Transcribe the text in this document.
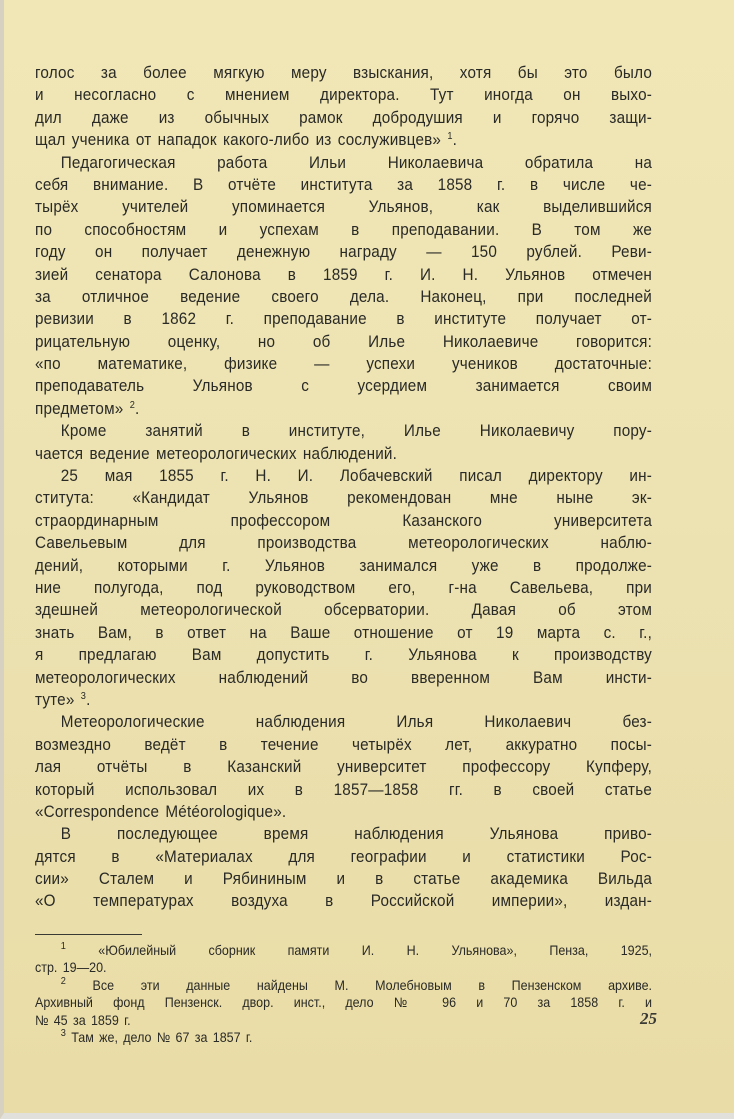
голос за более мягкую меру взыскания, хотя бы это было
и несогласно с мнением директора. Тут иногда он выхо-
дил даже из обычных рамок добродушия и горячо защи-
щал ученика от нападок какого-либо из сослуживцев» $^1$.
Педагогическая работа Ильи Николаевича обратила на
себя внимание. В отчёте института за 1858 г. в числе че-
тырёх учителей упоминается Ульянов, как выделившийся
по способностям и успехам в преподавании. В том же
году он получает денежную награду — 150 рублей. Реви-
зией сенатора Салонова в 1859 г. И. Н. Ульянов отмечен
за отличное ведение своего дела. Наконец, при последней
ревизии в 1862 г. преподавание в институте получает от-
рицательную оценку, но об Илье Николаевиче говорится:
«по математике, физике — успехи учеников достаточные:
преподаватель Ульянов с усердием занимается своим
предметом» $^2$.
Кроме занятий в институте, Илье Николаевичу пору-
чается ведение метеорологических наблюдений.
25 мая 1855 г. Н. И. Лобачевский писал директору ин-
ститута: «Кандидат Ульянов рекомендован мне ныне эк-
страординарным профессором Казанского университета
Савельевым для производства метеорологических наблю-
дений, которыми г. Ульянов занимался уже в продолже-
ние полугода, под руководством его, г-на Савельева, при
здешней метеорологической обсерватории. Давая об этом
знать Вам, в ответ на Ваше отношение от 19 марта с. г.,
я предлагаю Вам допустить г. Ульянова к производству
метеорологических наблюдений во вверенном Вам инсти-
туте» $^3$.
Метеорологические наблюдения Илья Николаевич без-
возмездно ведёт в течение четырёх лет, аккуратно посы-
лая отчёты в Казанский университет профессору Купферу,
который использовал их в 1857—1858 гг. в своей статье
«Correspondence Météorologique».
В последующее время наблюдения Ульянова приво-
дятся в «Материалах для географии и статистики Рос-
сии» Сталем и Рябининым и в статье академика Вильда
«О температурах воздуха в Российской империи», издан-
$^1$ «Юбилейный сборник памяти И. Н. Ульянова», Пенза, 1925,
стр. 19—20.
$^2$ Все эти данные найдены М. Молебновым в Пензенском архиве.
Архивный фонд Пензенск. двор. инст., дело № 96 и 70 за 1858 г. и
№ 45 за 1859 г.
$^3$ Там же, дело № 67 за 1857 г.
25
